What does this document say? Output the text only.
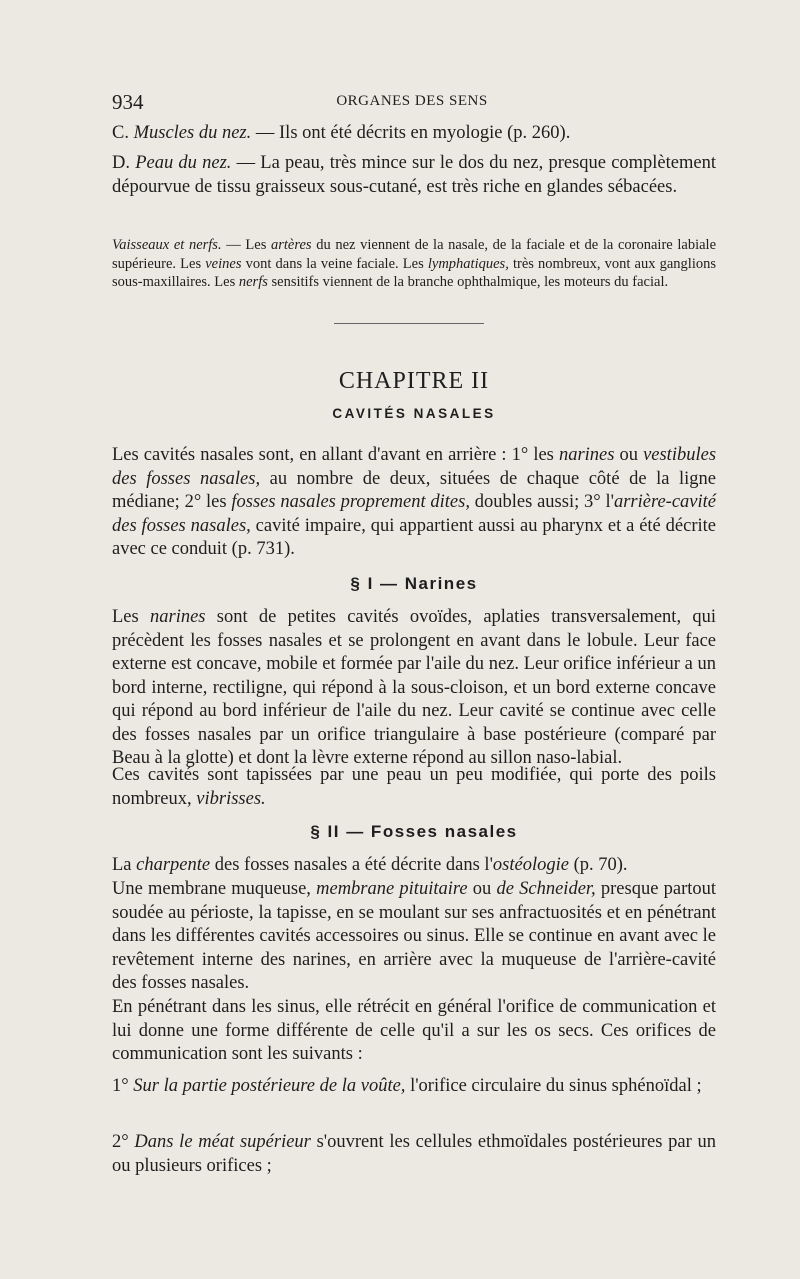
934	ORGANES DES SENS

C. Muscles du nez. — Ils ont été décrits en myologie (p. 260).

D. Peau du nez. — La peau, très mince sur le dos du nez, presque complètement dépourvue de tissu graisseux sous-cutané, est très riche en glandes sébacées.

Vaisseaux et nerfs. — Les artères du nez viennent de la nasale, de la faciale et de la coronaire labiale supérieure. Les veines vont dans la veine faciale. Les lymphatiques, très nombreux, vont aux ganglions sous-maxillaires. Les nerfs sensitifs viennent de la branche ophthalmique, les moteurs du facial.

CHAPITRE II
CAVITÉS NASALES

Les cavités nasales sont, en allant d'avant en arrière : 1° les narines ou vestibules des fosses nasales, au nombre de deux, situées de chaque côté de la ligne médiane; 2° les fosses nasales proprement dites, doubles aussi; 3° l'arrière-cavité des fosses nasales, cavité impaire, qui appartient aussi au pharynx et a été décrite avec ce conduit (p. 731).

§ I — Narines

Les narines sont de petites cavités ovoïdes, aplaties transversalement, qui précèdent les fosses nasales et se prolongent en avant dans le lobule. Leur face externe est concave, mobile et formée par l'aile du nez. Leur orifice inférieur a un bord interne, rectiligne, qui répond à la sous-cloison, et un bord externe concave qui répond au bord inférieur de l'aile du nez. Leur cavité se continue avec celle des fosses nasales par un orifice triangulaire à base postérieure (comparé par Beau à la glotte) et dont la lèvre externe répond au sillon naso-labial.

Ces cavités sont tapissées par une peau un peu modifiée, qui porte des poils nombreux, vibrisses.

§ II — Fosses nasales

La charpente des fosses nasales a été décrite dans l'ostéologie (p. 70).

Une membrane muqueuse, membrane pituitaire ou de Schneider, presque partout soudée au périoste, la tapisse, en se moulant sur ses anfractuosités et en pénétrant dans les différentes cavités accessoires ou sinus. Elle se continue en avant avec le revêtement interne des narines, en arrière avec la muqueuse de l'arrière-cavité des fosses nasales.

En pénétrant dans les sinus, elle rétrécit en général l'orifice de communication et lui donne une forme différente de celle qu'il a sur les os secs. Ces orifices de communication sont les suivants :

1° Sur la partie postérieure de la voûte, l'orifice circulaire du sinus sphénoïdal ;

2° Dans le méat supérieur s'ouvrent les cellules ethmoïdales postérieures par un ou plusieurs orifices ;
